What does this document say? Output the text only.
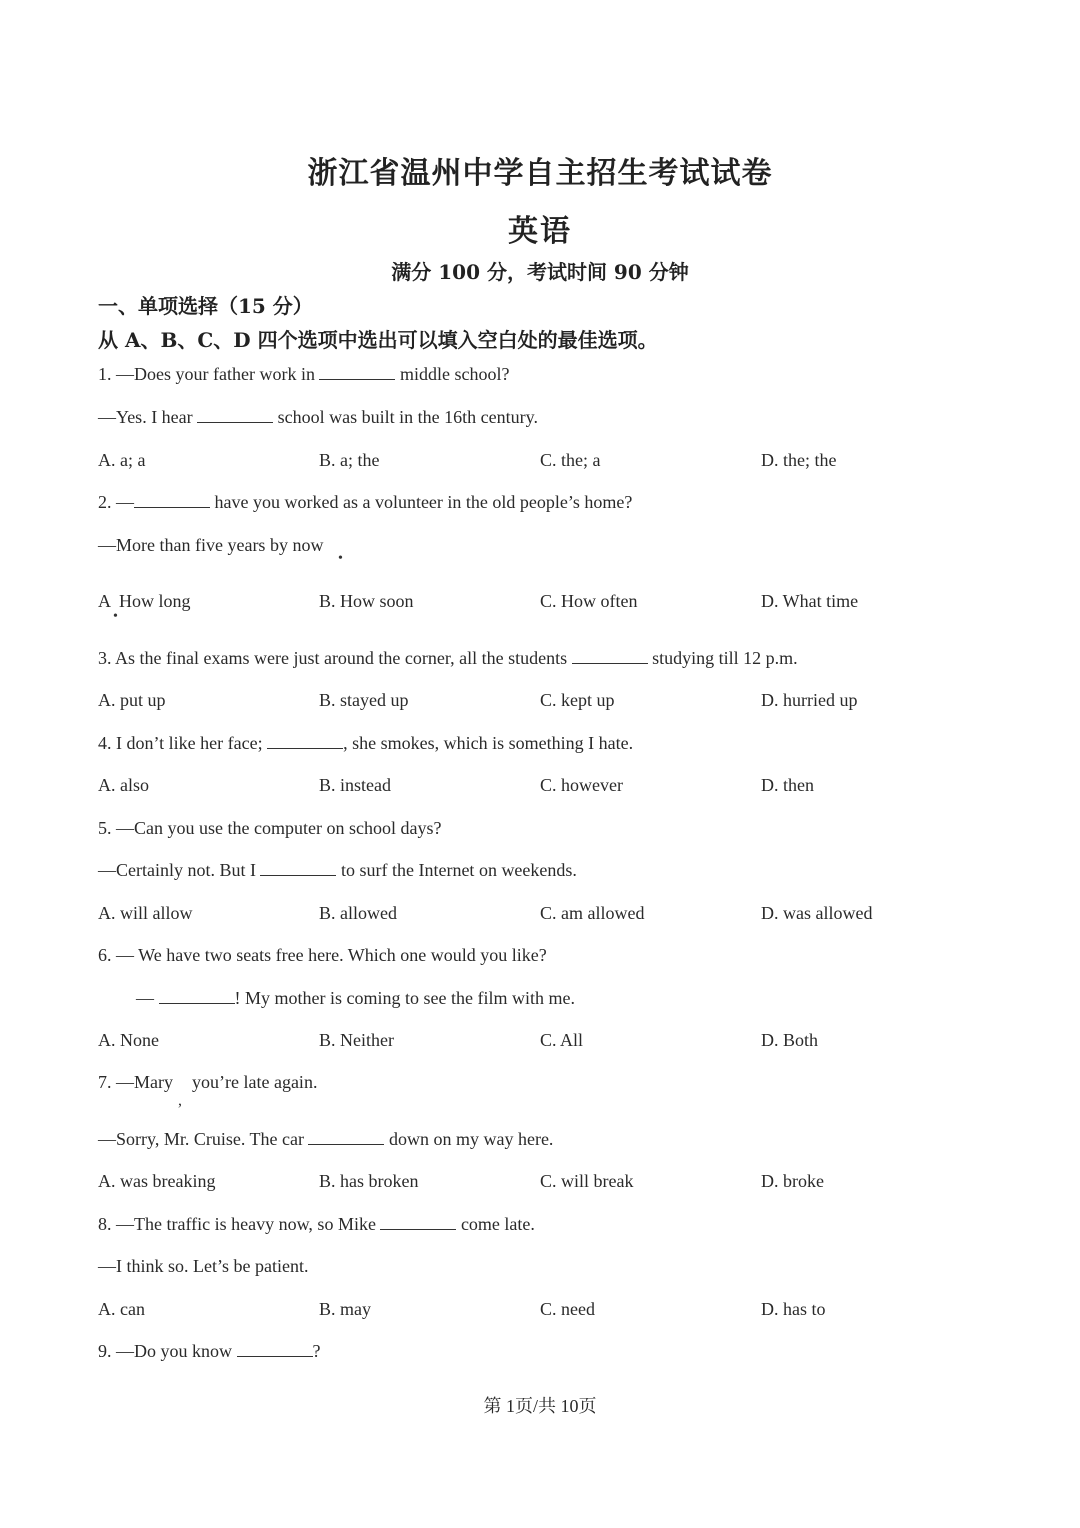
浙江省温州中学自主招生考试试卷
英语
满分 100 分，考试时间 90 分钟
一、单项选择（15 分）
从 A、B、C、D 四个选项中选出可以填入空白处的最佳选项。
1. —Does your father work in	middle school?
—Yes. I hear	school was built in the 16th century.
A. a; a	B. a; the	C. the; a	D. the; the
2. —	have you worked as a volunteer in the old people’s home?
—More than five years by now
•
A How long	B. How soon	C. How often	D. What time
•
3. As the final exams were just around the corner, all the students	studying till 12 p.m.
A. put up	B. stayed up	C. kept up	D. hurried up
4. I don’t like her face;	, she smokes, which is something I hate.
A. also	B. instead	C. however	D. then
5. —Can you use the computer on school days?
—Certainly not. But I	to surf the Internet on weekends.
A. will allow	B. allowed	C. am allowed	D. was allowed
6. — We have two seats free here. Which one would you like?
—	! My mother is coming to see the film with me.
A. None	B. Neither	C. All	D. Both
7. —Mary you’re late again.
,
—Sorry, Mr. Cruise. The car	down on my way here.
A. was breaking	B. has broken	C. will break	D. broke
8. —The traffic is heavy now, so Mike	come late.
—I think so. Let’s be patient.
A. can	B. may	C. need	D. has to
9. —Do you know	?
第 1页/共 10页
